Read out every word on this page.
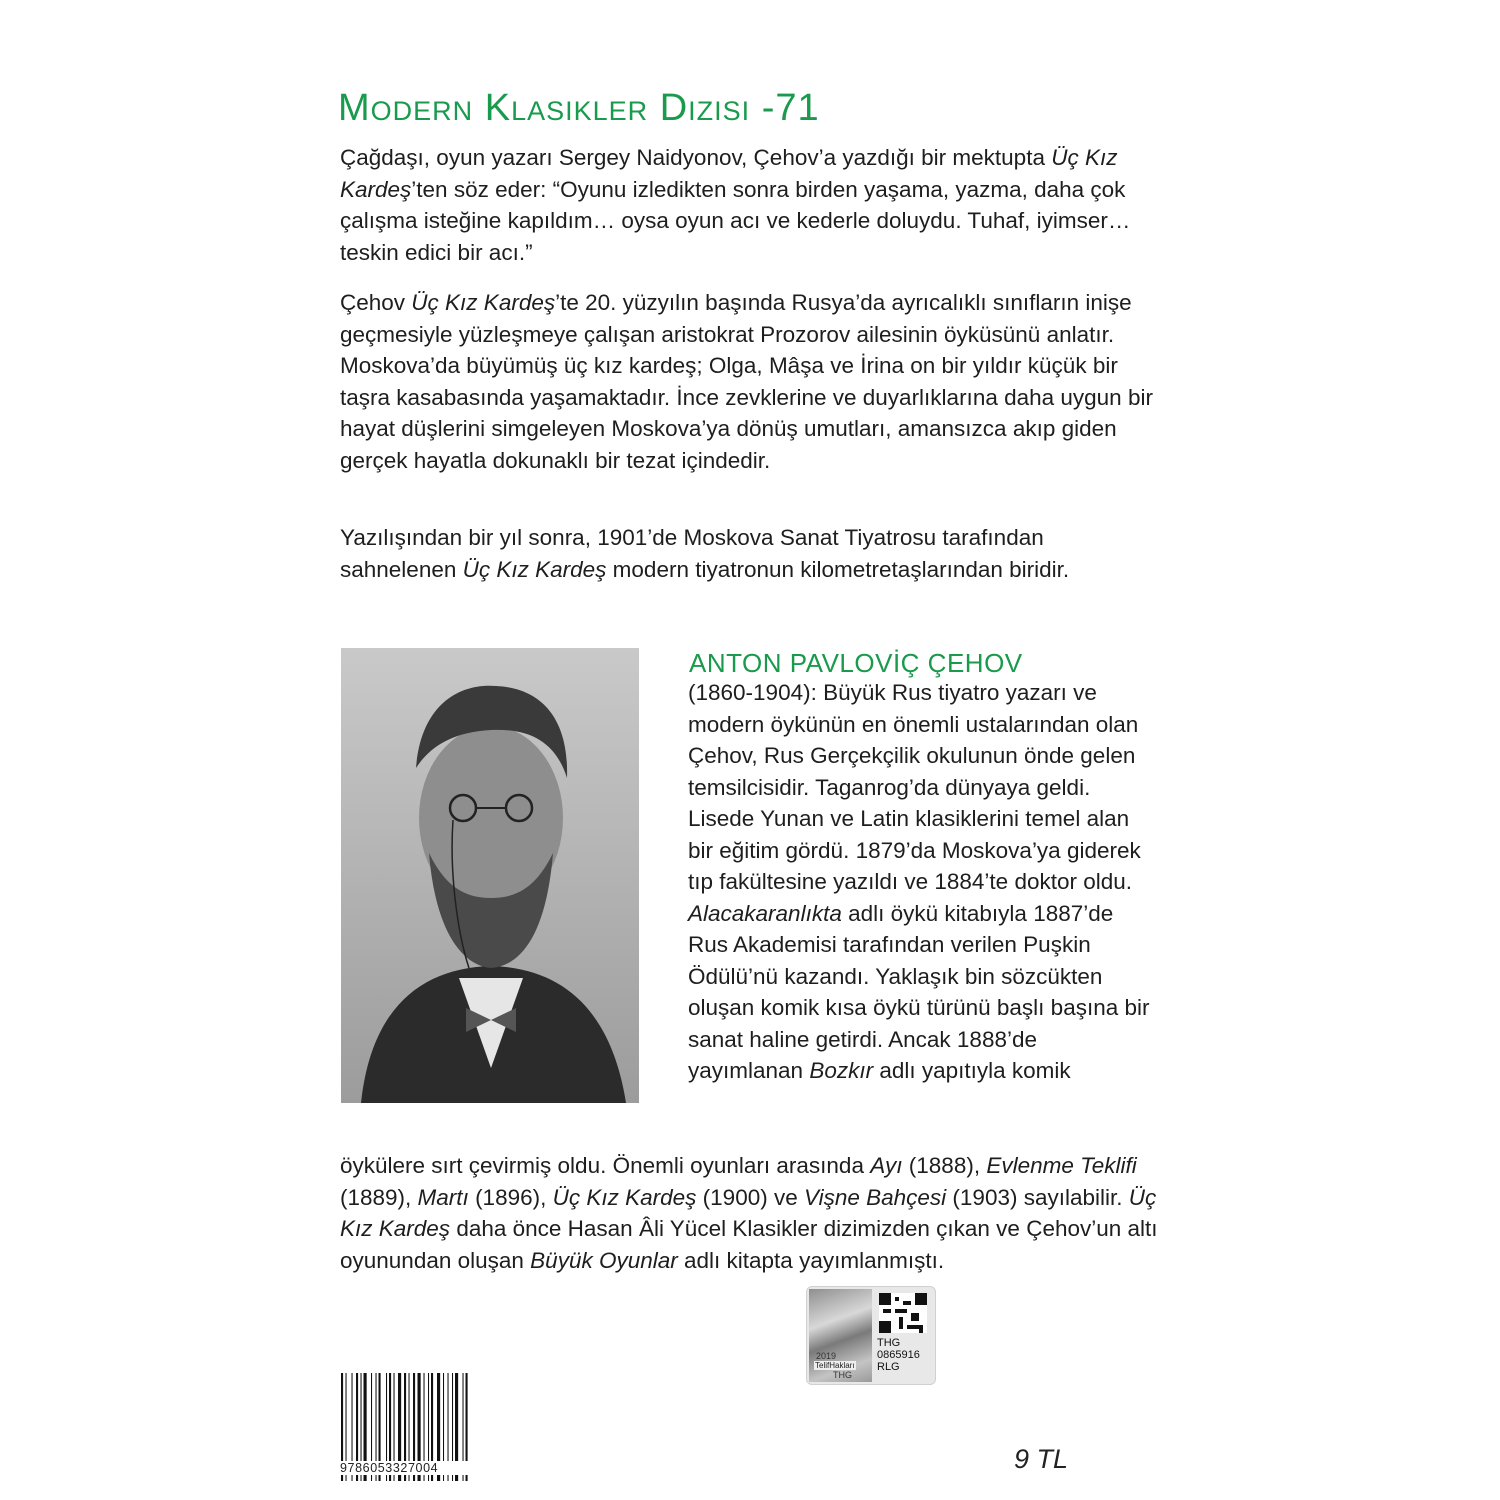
Modern Klasikler Dizisi -71

Çağdaşı, oyun yazarı Sergey Naidyonov, Çehov’a yazdığı bir mektupta Üç Kız Kardeş’ten söz eder: “Oyunu izledikten sonra birden yaşama, yazma, daha çok çalışma isteğine kapıldım… oysa oyun acı ve kederle doluydu. Tuhaf, iyimser… teskin edici bir acı.”

Çehov Üç Kız Kardeş’te 20. yüzyılın başında Rusya’da ayrıcalıklı sınıfların inişe geçmesiyle yüzleşmeye çalışan aristokrat Prozorov ailesinin öyküsünü anlatır. Moskova’da büyümüş üç kız kardeş; Olga, Mâşa ve İrina on bir yıldır küçük bir taşra kasabasında yaşamaktadır. İnce zevklerine ve duyarlıklarına daha uygun bir hayat düşlerini simgeleyen Moskova’ya dönüş umutları, amansızca akıp giden gerçek hayatla dokunaklı bir tezat içindedir.

Yazılışından bir yıl sonra, 1901’de Moskova Sanat Tiyatrosu tarafından sahnelenen Üç Kız Kardeş modern tiyatronun kilometretaşlarından biridir.

ANTON PAVLOVİÇ ÇEHOV

(1860-1904): Büyük Rus tiyatro yazarı ve modern öykünün en önemli ustalarından olan Çehov, Rus Gerçekçilik okulunun önde gelen temsilcisidir. Taganrog’da dünyaya geldi. Lisede Yunan ve Latin klasiklerini temel alan bir eğitim gördü. 1879’da Moskova’ya giderek tıp fakültesine yazıldı ve 1884’te doktor oldu. Alacakaranlıkta adlı öykü kitabıyla 1887’de Rus Akademisi tarafından verilen Puşkin Ödülü’nü kazandı. Yaklaşık bin sözcükten oluşan komik kısa öykü türünü başlı başına bir sanat haline getirdi. Ancak 1888’de yayımlanan Bozkır adlı yapıtıyla komik

öykülere sırt çevirmiş oldu. Önemli oyunları arasında Ayı (1888), Evlenme Teklifi (1889), Martı (1896), Üç Kız Kardeş (1900) ve Vişne Bahçesi (1903) sayılabilir. Üç Kız Kardeş daha önce Hasan Âli Yücel Klasikler dizimizden çıkan ve Çehov’un altı oyunundan oluşan Büyük Oyunlar adlı kitapta yayımlanmıştı.

2019
TelifHakları
THG
THG
0865916
RLG
9786053327004	9 TL
